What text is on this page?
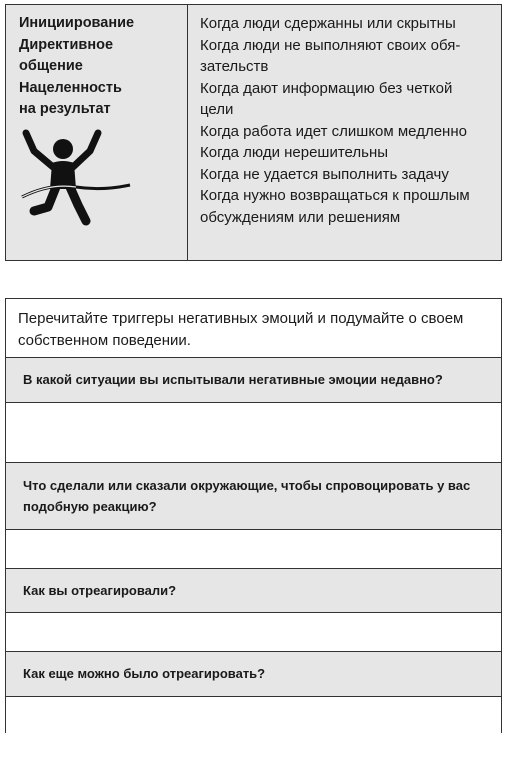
Инициирование
Директивное
общение
Нацеленность
на результат
Когда люди сдержанны или скрытны
Когда люди не выполняют своих обя-
зательств
Когда дают информацию без четкой
цели
Когда работа идет слишком медленно
Когда люди нерешительны
Когда не удается выполнить задачу
Когда нужно возвращаться к прошлым
обсуждениям или решениям
Перечитайте триггеры негативных эмоций и подумайте о своем
собственном поведении.
В какой ситуации вы испытывали негативные эмоции недавно?
Что сделали или сказали окружающие, чтобы спровоцировать у вас
подобную реакцию?
Как вы отреагировали?
Как еще можно было отреагировать?
